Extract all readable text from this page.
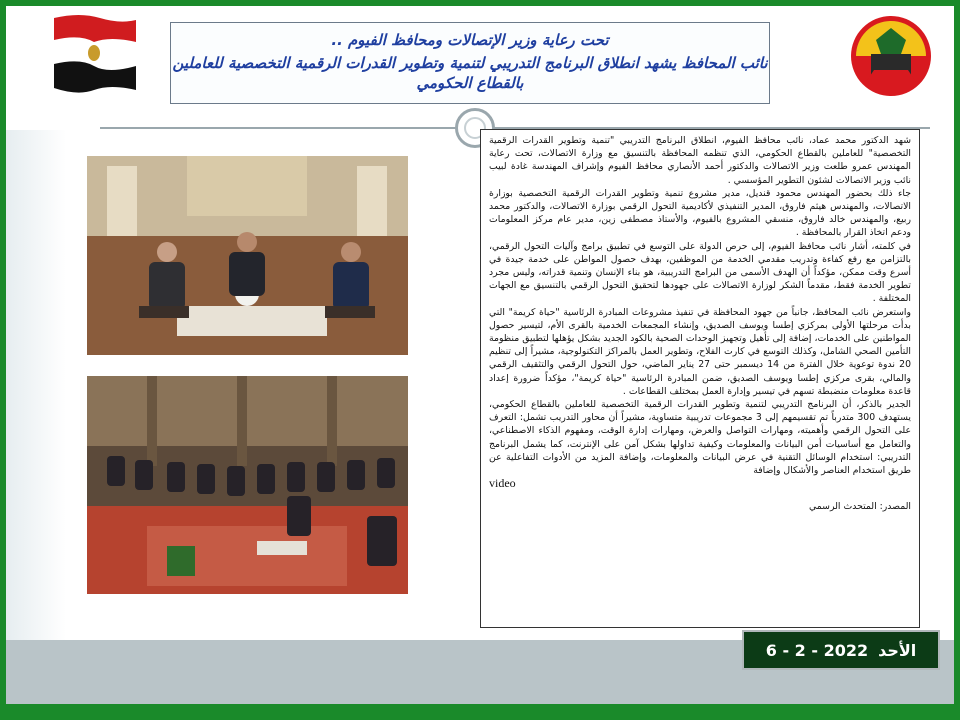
تحت رعاية وزير الإتصالات ومحافظ الفيوم ..
نائب المحافظ يشهد انطلاق البرنامج التدريبي لتنمية وتطوير القدرات الرقمية التخصصية للعاملين بالقطاع الحكومي

شهد الدكتور محمد عماد، نائب محافظ الفيوم، انطلاق البرنامج التدريبي "تنمية وتطوير القدرات الرقمية التخصصية" للعاملين بالقطاع الحكومي، الذي تنظمه المحافظة بالتنسيق مع وزارة الاتصالات، تحت رعاية المهندس عمرو طلعت وزير الاتصالات والدكتور أحمد الأنصاري محافظ الفيوم وإشراف المهندسة غادة لبيب نائب وزير الاتصالات لشئون التطوير المؤسسي .

جاء ذلك بحضور المهندس محمود قنديل، مدير مشروع تنمية وتطوير القدرات الرقمية التخصصية بوزارة الاتصالات، والمهندس هيثم فاروق، المدير التنفيذي لأكاديمية التحول الرقمي بوزارة الاتصالات، والدكتور محمد ربيع، والمهندس خالد فاروق، منسقي المشروع بالفيوم، والأستاذ مصطفى زين، مدير عام مركز المعلومات ودعم اتخاذ القرار بالمحافظة .

في كلمته، أشار نائب محافظ الفيوم، إلى حرص الدولة على التوسع في تطبيق برامج وآليات التحول الرقمي، بالتزامن مع رفع كفاءة وتدريب مقدمي الخدمة من الموظفين، بهدف حصول المواطن على خدمة جيدة في أسرع وقت ممكن، مؤكداً أن الهدف الأسمى من البرامج التدريبية، هو بناء الإنسان وتنمية قدراته، وليس مجرد تطوير الخدمة فقط، مقدماً الشكر لوزارة الاتصالات على جهودها لتحقيق التحول الرقمي بالتنسيق مع الجهات المختلفة .

واستعرض نائب المحافظ، جانباً من جهود المحافظة في تنفيذ مشروعات المبادرة الرئاسية "حياة كريمة" التي بدأت مرحلتها الأولى بمركزي إطسا ويوسف الصديق، وإنشاء المجمعات الخدمية بالقرى الأم، لتيسير حصول المواطنين على الخدمات، إضافة إلى تأهيل وتجهيز الوحدات الصحية بالكود الجديد بشكل يؤهلها لتطبيق منظومة التأمين الصحي الشامل، وكذلك التوسع في كارت الفلاح، وتطوير العمل بالمراكز التكنولوجية، مشيراً إلى تنظيم 20 ندوة توعوية خلال الفترة من 14 ديسمبر حتى 27 يناير الماضي، حول التحول الرقمي والتثقيف الرقمي والمالي، بقرى مركزي إطسا ويوسف الصديق، ضمن المبادرة الرئاسية "حياة كريمة"، مؤكداً ضرورة إعداد قاعدة معلومات منضبطة تسهم في تيسير وإدارة العمل بمختلف القطاعات .

الجدير بالذكر، أن البرنامج التدريبي لتنمية وتطوير القدرات الرقمية التخصصية للعاملين بالقطاع الحكومي، يستهدف 300 متدرباً تم تقسيمهم إلى 3 مجموعات تدريبية متساوية، مشيراً أن محاور التدريب تشمل: التعرف على التحول الرقمي وأهميته، ومهارات التواصل والعرض، ومهارات إدارة الوقت، ومفهوم الذكاء الاصطناعي، والتعامل مع أساسيات أمن البيانات والمعلومات وكيفية تداولها بشكل آمن على الإنترنت، كما يشمل البرنامج التدريبي: استخدام الوسائل التقنية في عرض البيانات والمعلومات، وإضافة المزيد من الأدوات التفاعلية عن طريق استخدام العناصر والأشكال وإضافة

video

المصدر: المتحدث الرسمي

6 - 2 - 2022 الأحد
